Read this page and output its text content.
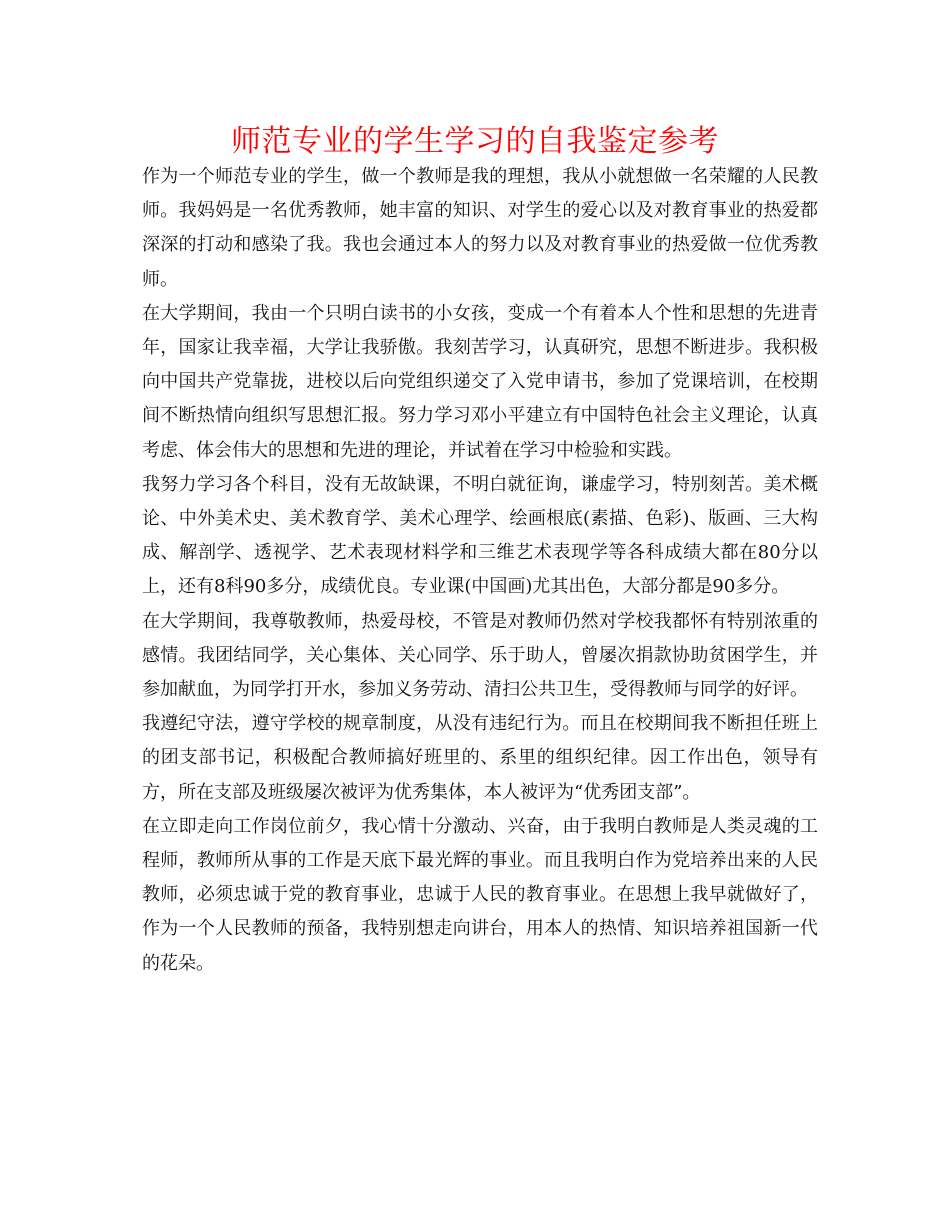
师范专业的学生学习的自我鉴定参考

作为一个师范专业的学生，做一个教师是我的理想，我从小就想做一名荣耀的人民教师。我妈妈是一名优秀教师，她丰富的知识、对学生的爱心以及对教育事业的热爱都深深的打动和感染了我。我也会通过本人的努力以及对教育事业的热爱做一位优秀教师。

在大学期间，我由一个只明白读书的小女孩，变成一个有着本人个性和思想的先进青年，国家让我幸福，大学让我骄傲。我刻苦学习，认真研究，思想不断进步。我积极向中国共产党靠拢，进校以后向党组织递交了入党申请书，参加了党课培训，在校期间不断热情向组织写思想汇报。努力学习邓小平建立有中国特色社会主义理论，认真考虑、体会伟大的思想和先进的理论，并试着在学习中检验和实践。

我努力学习各个科目，没有无故缺课，不明白就征询，谦虚学习，特别刻苦。美术概论、中外美术史、美术教育学、美术心理学、绘画根底(素描、色彩)、版画、三大构成、解剖学、透视学、艺术表现材料学和三维艺术表现学等各科成绩大都在80分以上，还有8科90多分，成绩优良。专业课(中国画)尤其出色，大部分都是90多分。

在大学期间，我尊敬教师，热爱母校，不管是对教师仍然对学校我都怀有特别浓重的感情。我团结同学，关心集体、关心同学、乐于助人，曾屡次捐款协助贫困学生，并参加献血，为同学打开水，参加义务劳动、清扫公共卫生，受得教师与同学的好评。

我遵纪守法，遵守学校的规章制度，从没有违纪行为。而且在校期间我不断担任班上的团支部书记，积极配合教师搞好班里的、系里的组织纪律。因工作出色，领导有方，所在支部及班级屡次被评为优秀集体，本人被评为“优秀团支部”。

在立即走向工作岗位前夕，我心情十分激动、兴奋，由于我明白教师是人类灵魂的工程师，教师所从事的工作是天底下最光辉的事业。而且我明白作为党培养出来的人民教师，必须忠诚于党的教育事业，忠诚于人民的教育事业。在思想上我早就做好了，作为一个人民教师的预备，我特别想走向讲台，用本人的热情、知识培养祖国新一代的花朵。
